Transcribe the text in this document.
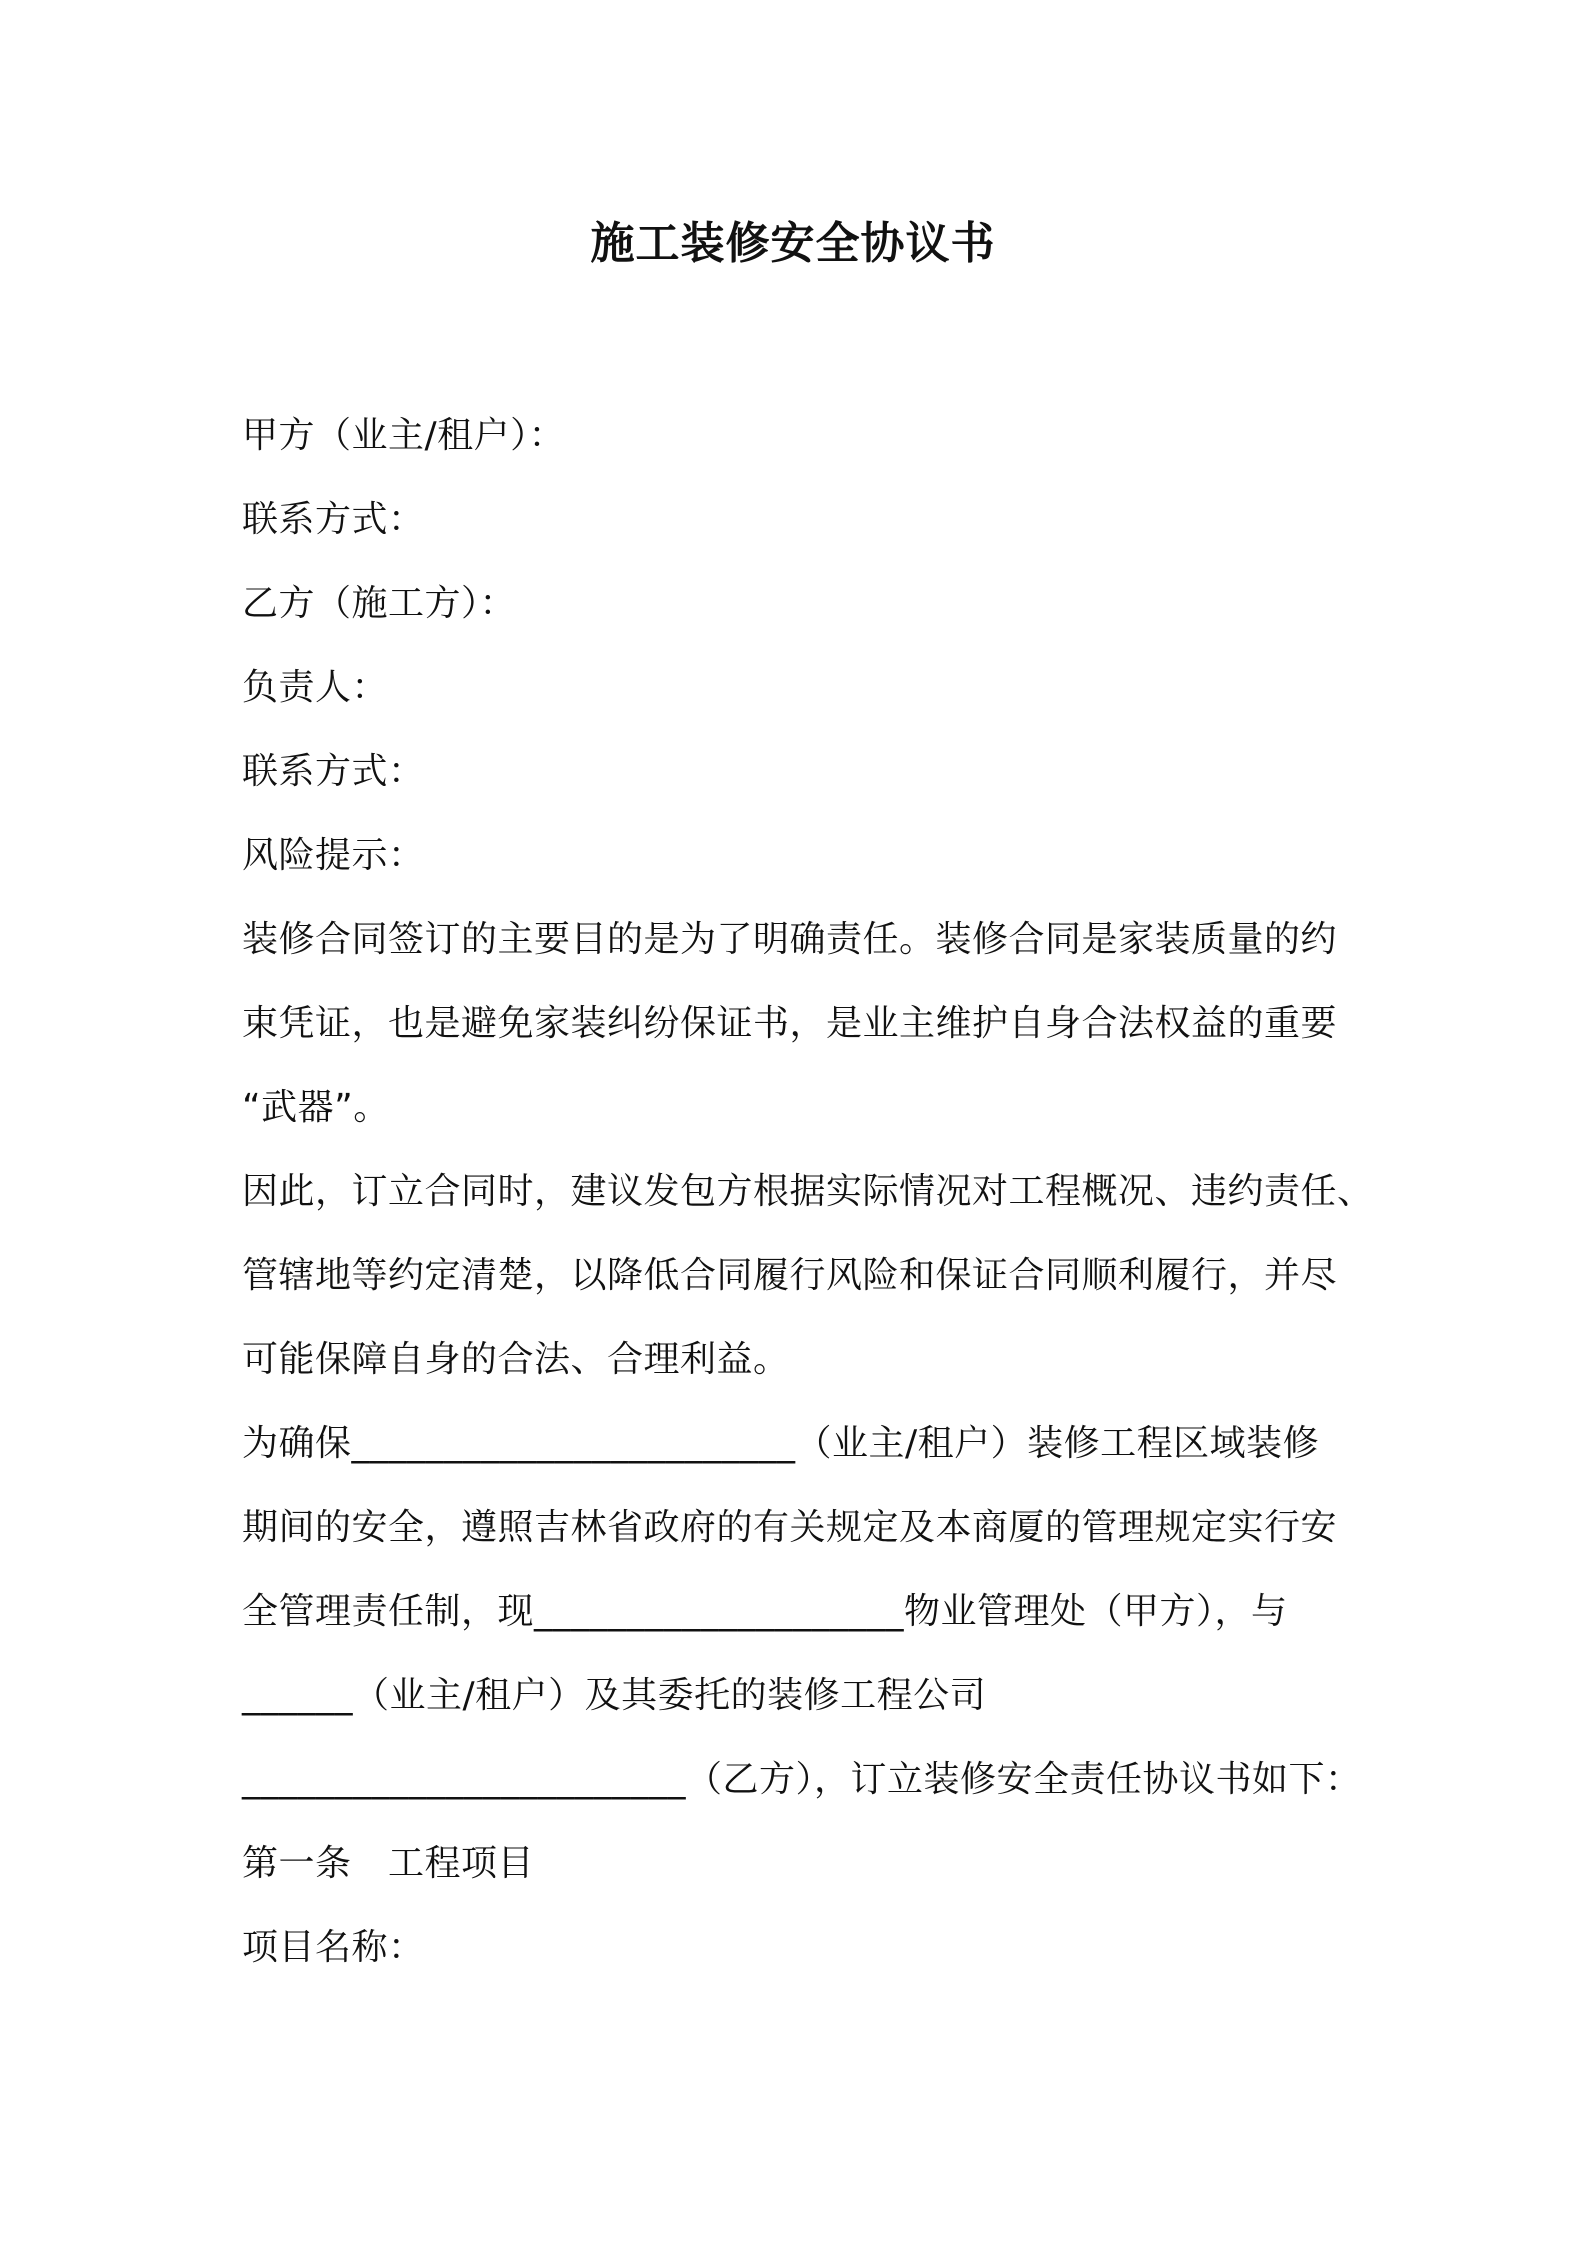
施工装修安全协议书
甲方（业主/租户）：
联系方式：
乙方（施工方）：
负责人：
联系方式：
风险提示：
装修合同签订的主要目的是为了明确责任。装修合同是家装质量的约
束凭证，也是避免家装纠纷保证书，是业主维护自身合法权益的重要
“武器”。
因此，订立合同时，建议发包方根据实际情况对工程概况、违约责任、
管辖地等约定清楚，以降低合同履行风险和保证合同顺利履行，并尽
可能保障自身的合法、合理利益。
为确保________________________（业主/租户）装修工程区域装修
期间的安全，遵照吉林省政府的有关规定及本商厦的管理规定实行安
全管理责任制，现____________________物业管理处（甲方），与
______（业主/租户）及其委托的装修工程公司
________________________（乙方），订立装修安全责任协议书如下：
第一条　工程项目
项目名称：
